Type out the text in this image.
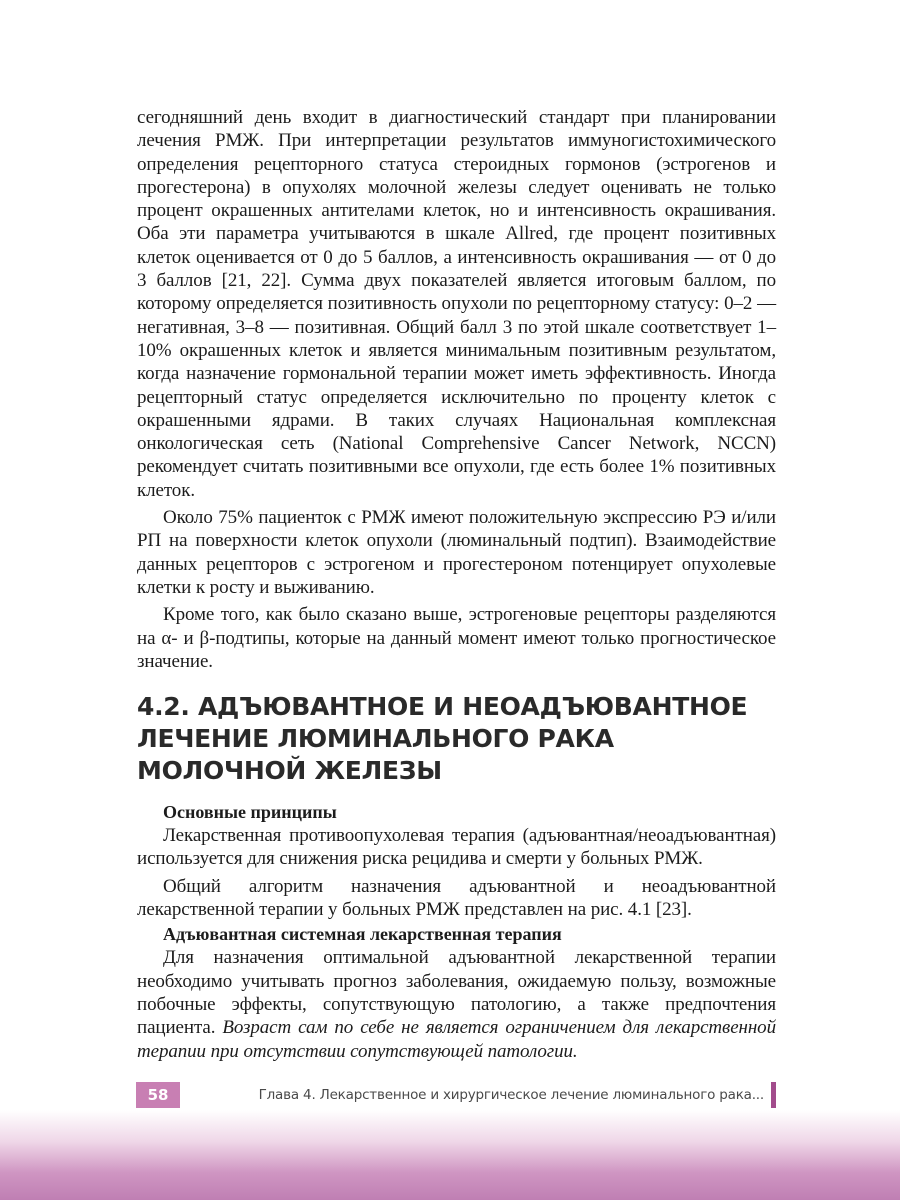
сегодняшний день входит в диагностический стандарт при планировании лечения РМЖ. При интерпретации результатов иммуногистохимического определения рецепторного статуса стероидных гормонов (эстрогенов и прогестерона) в опухолях молочной железы следует оценивать не только процент окрашенных антителами клеток, но и интенсивность окрашивания. Оба эти параметра учитываются в шкале Allred, где процент позитивных клеток оценивается от 0 до 5 баллов, а интенсивность окрашивания — от 0 до 3 баллов [21, 22]. Сумма двух показателей является итоговым баллом, по которому определяется позитивность опухоли по рецепторному статусу: 0–2 — негативная, 3–8 — позитивная. Общий балл 3 по этой шкале соответствует 1–10% окрашенных клеток и является минимальным позитивным результатом, когда назначение гормональной терапии может иметь эффективность. Иногда рецепторный статус определяется исключительно по проценту клеток с окрашенными ядрами. В таких случаях Национальная комплексная онкологическая сеть (National Comprehensive Cancer Network, NCCN) рекомендует считать позитивными все опухоли, где есть более 1% позитивных клеток.

Около 75% пациенток с РМЖ имеют положительную экспрессию РЭ и/или РП на поверхности клеток опухоли (люминальный подтип). Взаимодействие данных рецепторов с эстрогеном и прогестероном потенцирует опухолевые клетки к росту и выживанию.

Кроме того, как было сказано выше, эстрогеновые рецепторы разделяются на α- и β-подтипы, которые на данный момент имеют только прогностическое значение.

4.2. АДЪЮВАНТНОЕ И НЕОАДЪЮВАНТНОЕ ЛЕЧЕНИЕ ЛЮМИНАЛЬНОГО РАКА МОЛОЧНОЙ ЖЕЛЕЗЫ

Основные принципы

Лекарственная противоопухолевая терапия (адъювантная/неоадъювантная) используется для снижения риска рецидива и смерти у больных РМЖ.

Общий алгоритм назначения адъювантной и неоадъювантной лекарственной терапии у больных РМЖ представлен на рис. 4.1 [23].

Адъювантная системная лекарственная терапия

Для назначения оптимальной адъювантной лекарственной терапии необходимо учитывать прогноз заболевания, ожидаемую пользу, возможные побочные эффекты, сопутствующую патологию, а также предпочтения пациента. Возраст сам по себе не является ограничением для лекарственной терапии при отсутствии сопутствующей патологии.

58	Глава 4. Лекарственное и хирургическое лечение люминального рака...
